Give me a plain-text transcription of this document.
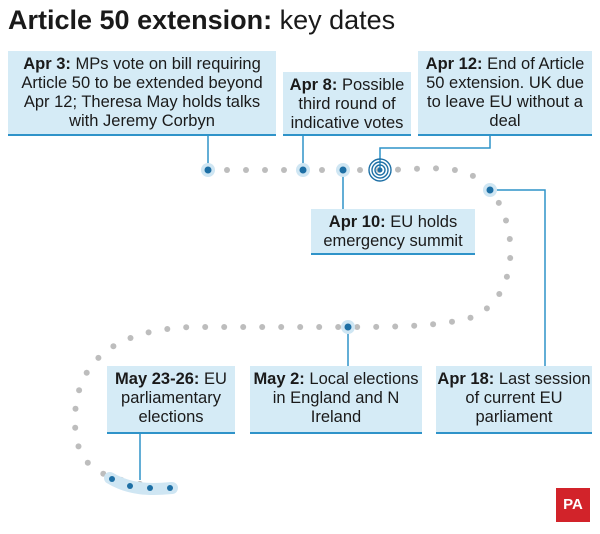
Article 50 extension: key dates
Apr 3: MPs vote on bill requiring Article 50 to be extended beyond Apr 12; Theresa May holds talks with Jeremy Corbyn
Apr 8: Possible third round of indicative votes
Apr 12: End of Article 50 extension. UK due to leave EU without a deal
Apr 10: EU holds emergency summit
May 23-26: EU parliamentary elections
May 2: Local elections in England and N Ireland
Apr 18: Last session of current EU parliament
PA
